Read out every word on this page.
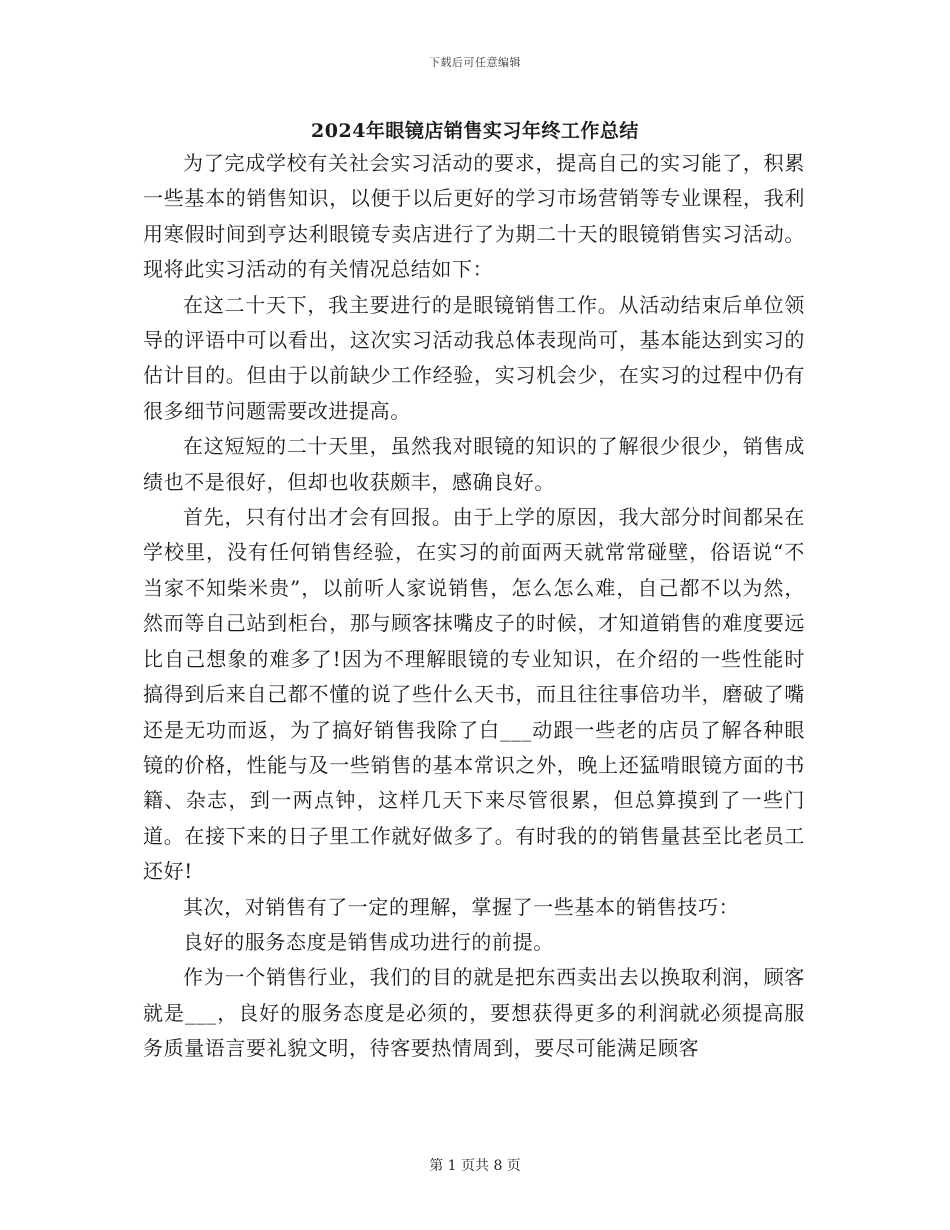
下载后可任意编辑
2024年眼镜店销售实习年终工作总结

为了完成学校有关社会实习活动的要求，提高自己的实习能了，积累一些基本的销售知识，以便于以后更好的学习市场营销等专业课程，我利用寒假时间到亨达利眼镜专卖店进行了为期二十天的眼镜销售实习活动。现将此实习活动的有关情况总结如下：

在这二十天下，我主要进行的是眼镜销售工作。从活动结束后单位领导的评语中可以看出，这次实习活动我总体表现尚可，基本能达到实习的估计目的。但由于以前缺少工作经验，实习机会少，在实习的过程中仍有很多细节问题需要改进提高。

在这短短的二十天里，虽然我对眼镜的知识的了解很少很少，销售成绩也不是很好，但却也收获颇丰，感确良好。

首先，只有付出才会有回报。由于上学的原因，我大部分时间都呆在学校里，没有任何销售经验，在实习的前面两天就常常碰壁，俗语说“不当家不知柴米贵”，以前听人家说销售，怎么怎么难，自己都不以为然，然而等自己站到柜台，那与顾客抹嘴皮子的时候，才知道销售的难度要远比自己想象的难多了!因为不理解眼镜的专业知识，在介绍的一些性能时搞得到后来自己都不懂的说了些什么天书，而且往往事倍功半，磨破了嘴还是无功而返，为了搞好销售我除了白___动跟一些老的店员了解各种眼镜的价格，性能与及一些销售的基本常识之外，晚上还猛啃眼镜方面的书籍、杂志，到一两点钟，这样几天下来尽管很累，但总算摸到了一些门道。在接下来的日子里工作就好做多了。有时我的的销售量甚至比老员工还好!

其次，对销售有了一定的理解，掌握了一些基本的销售技巧：

良好的服务态度是销售成功进行的前提。

作为一个销售行业，我们的目的就是把东西卖出去以换取利润，顾客就是___，良好的服务态度是必须的，要想获得更多的利润就必须提高服务质量语言要礼貌文明，待客要热情周到，要尽可能满足顾客

第 1 页共 8 页
